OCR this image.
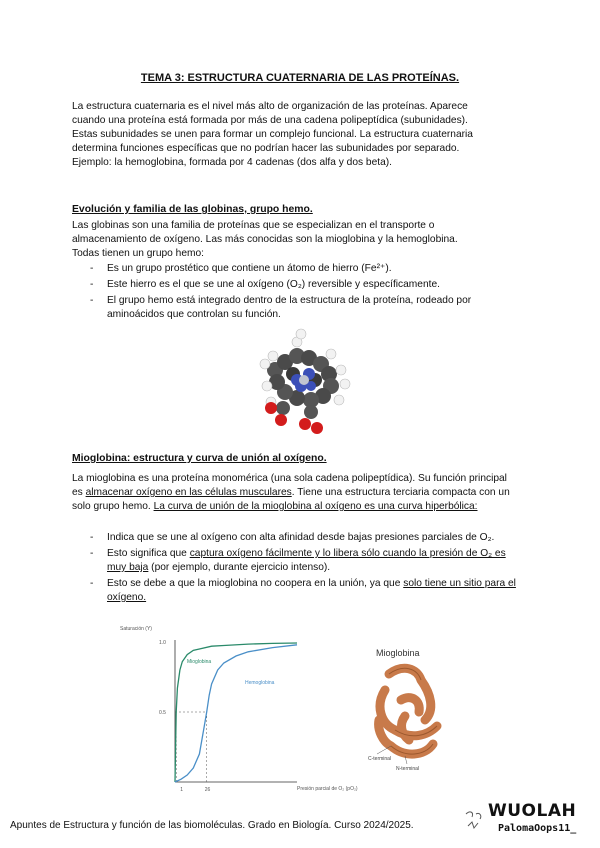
TEMA 3: ESTRUCTURA CUATERNARIA DE LAS PROTEÍNAS.
La estructura cuaternaria es el nivel más alto de organización de las proteínas. Aparece
cuando una proteína está formada por más de una cadena polipeptídica (subunidades).
Estas subunidades se unen para formar un complejo funcional. La estructura cuaternaria
determina funciones específicas que no podrían hacer las subunidades por separado.
Ejemplo: la hemoglobina, formada por 4 cadenas (dos alfa y dos beta).
Evolución y familia de las globinas, grupo hemo.
Las globinas son una familia de proteínas que se especializan en el transporte o
almacenamiento de oxígeno. Las más conocidas son la mioglobina y la hemoglobina.
Todas tienen un grupo hemo:
- Es un grupo prostético que contiene un átomo de hierro (Fe²⁺).
- Este hierro es el que se une al oxígeno (O₂) reversible y específicamente.
- El grupo hemo está integrado dentro de la estructura de la proteína, rodeado por aminoácidos que controlan su función.
Mioglobina: estructura y curva de unión al oxígeno.
La mioglobina es una proteína monomérica (una sola cadena polipeptídica). Su función principal es almacenar oxígeno en las células musculares. Tiene una estructura terciaria compacta con un solo grupo hemo. La curva de unión de la mioglobina al oxígeno es una curva hiperbólica:
- Indica que se une al oxígeno con alta afinidad desde bajas presiones parciales de O₂.
- Esto significa que captura oxígeno fácilmente y lo libera sólo cuando la presión de O₂ es muy baja (por ejemplo, durante ejercicio intenso).
- Esto se debe a que la mioglobina no coopera en la unión, ya que solo tiene un sitio para el oxígeno.
Saturación (Y)
Presión parcial de O₂ (pO₂)
1.0
0.5
1	26
Mioglobina
Hemoglobina
Mioglobina
C-terminal
N-terminal
Apuntes de Estructura y función de las biomoléculas. Grado en Biología. Curso 2024/2025.
WUOLAH
PalomaOops11_
